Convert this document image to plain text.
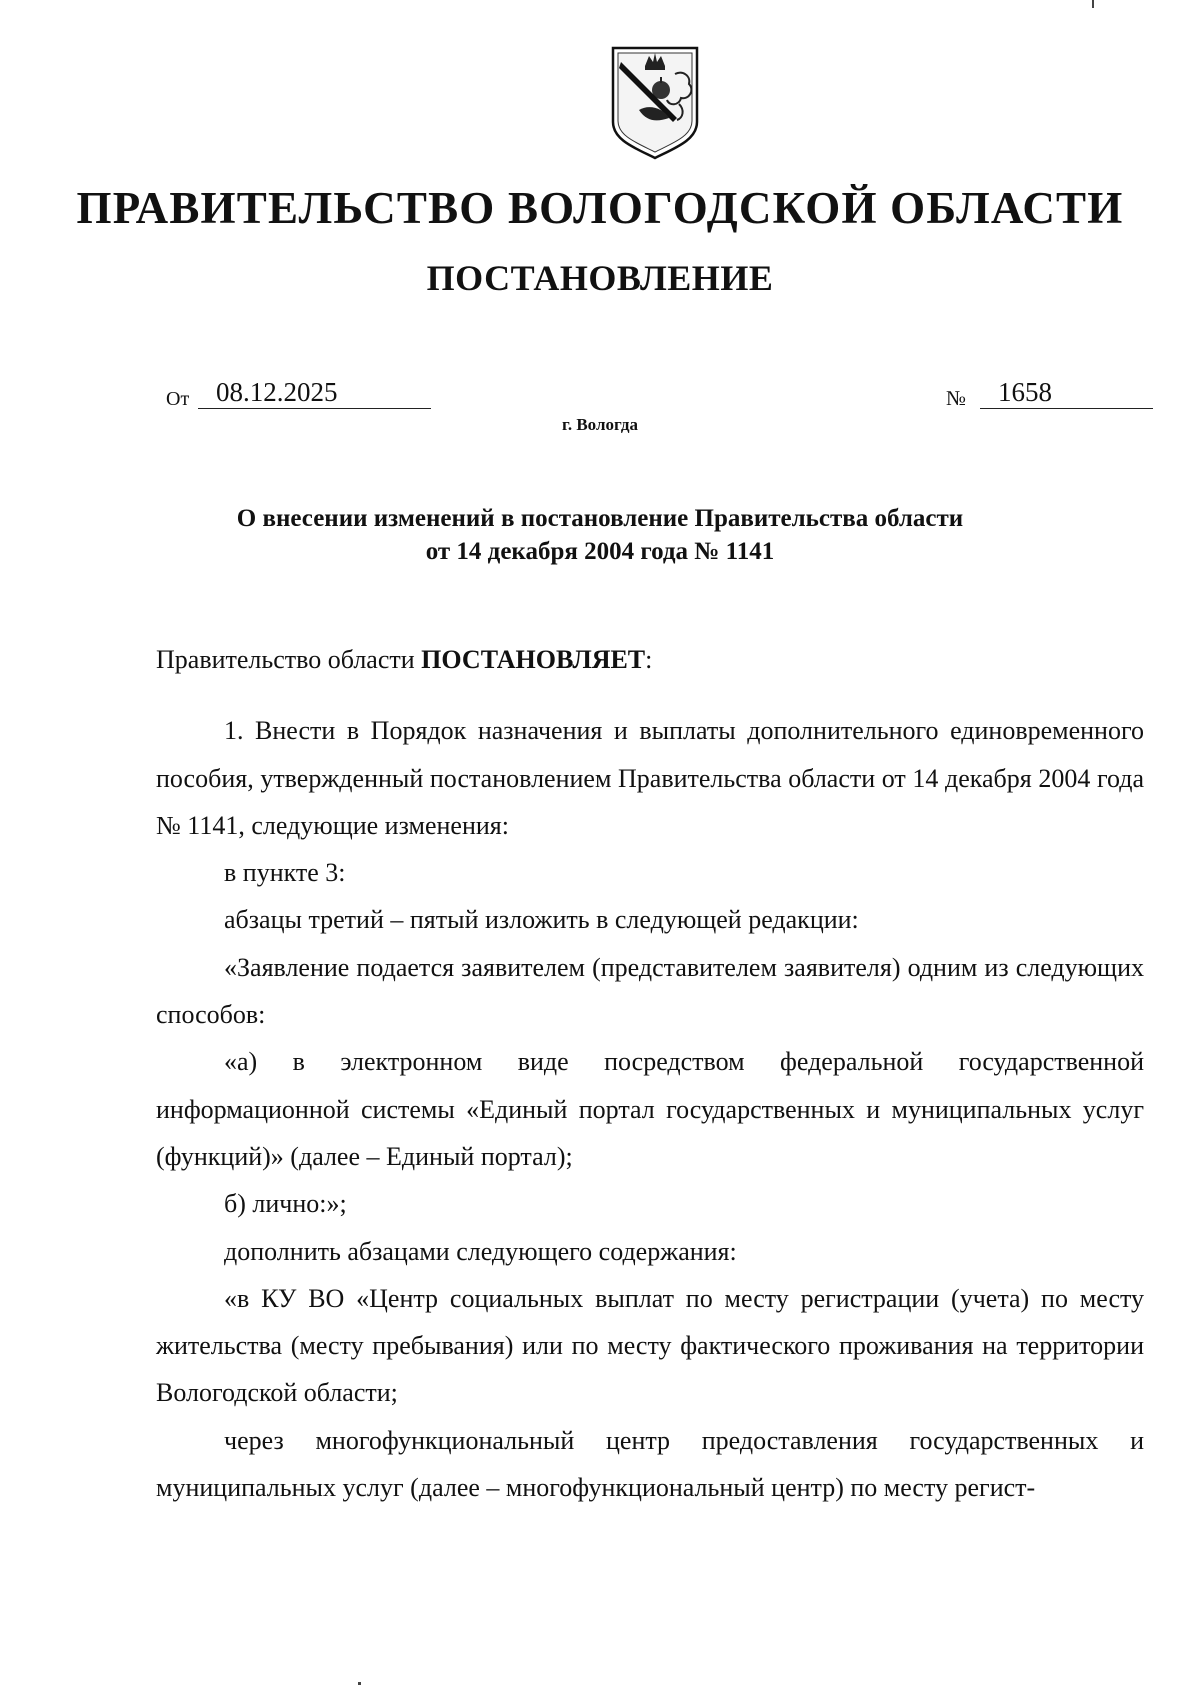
ПРАВИТЕЛЬСТВО ВОЛОГОДСКОЙ ОБЛАСТИ
ПОСТАНОВЛЕНИЕ
От 08.12.2025	№	1658
г. Вологда
О внесении изменений в постановление Правительства области
от 14 декабря 2004 года № 1141

Правительство области ПОСТАНОВЛЯЕТ:

1. Внести в Порядок назначения и выплаты дополнительного единовременного пособия, утвержденный постановлением Правительства области от 14 декабря 2004 года № 1141, следующие изменения:

в пункте 3:

абзацы третий – пятый изложить в следующей редакции:

«Заявление подается заявителем (представителем заявителя) одним из следующих способов:

«а) в электронном виде посредством федеральной государственной информационной системы «Единый портал государственных и муниципальных услуг (функций)» (далее – Единый портал);

б) лично:»;

дополнить абзацами следующего содержания:

«в КУ ВО «Центр социальных выплат по месту регистрации (учета) по месту жительства (месту пребывания) или по месту фактического проживания на территории Вологодской области;

через многофункциональный центр предоставления государственных и муниципальных услуг (далее – многофункциональный центр) по месту регист-
